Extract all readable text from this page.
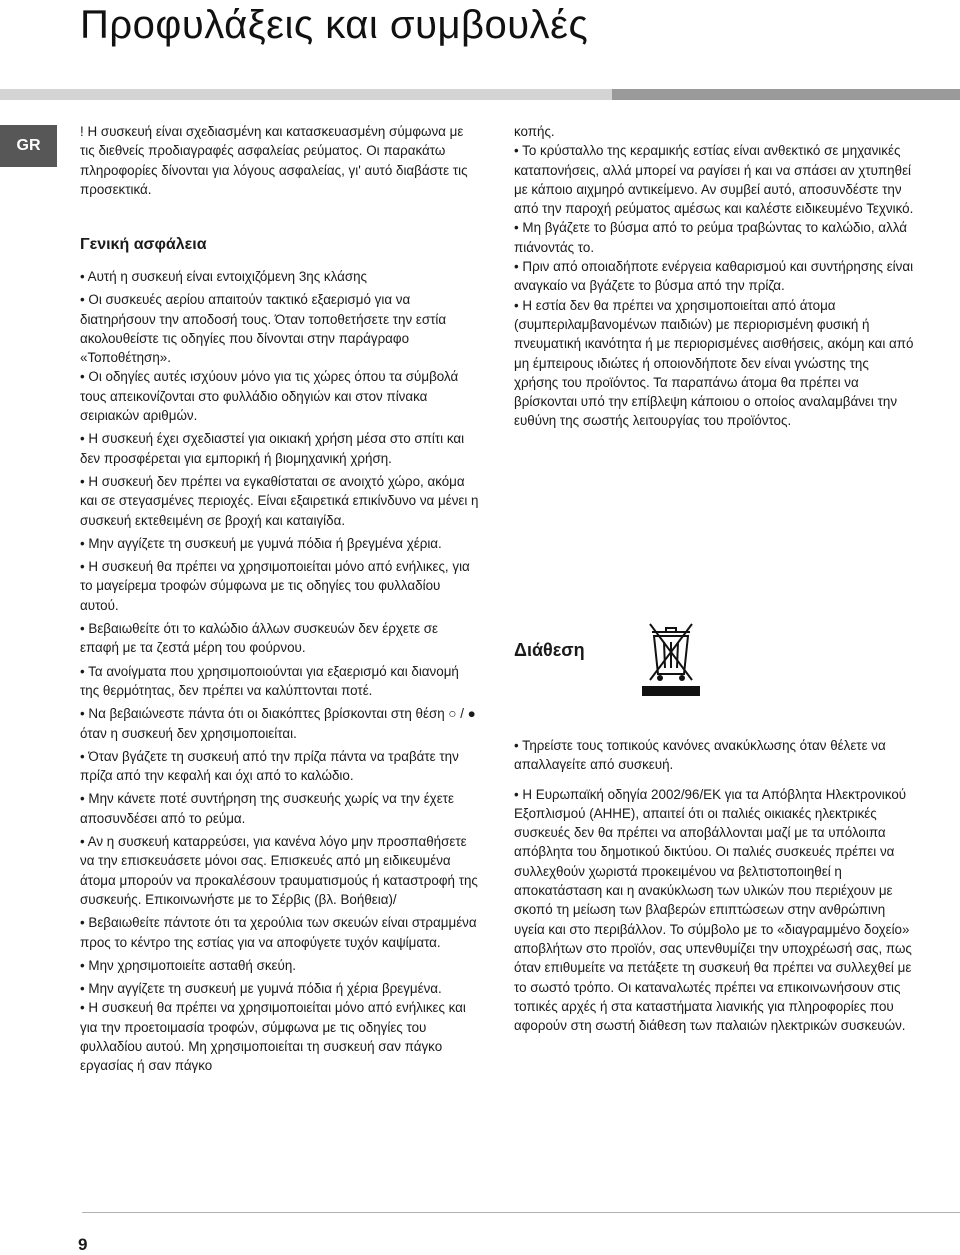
Προφυλάξεις και συμβουλές
GR

! Η συσκευή είναι σχεδιασμένη και κατασκευασμένη σύμφωνα με τις διεθνείς προδιαγραφές ασφαλείας ρεύματος. Οι παρακάτω πληροφορίες δίνονται για λόγους ασφαλείας, γι' αυτό διαβάστε τις προσεκτικά.

Γενική ασφάλεια

• Αυτή η συσκευή είναι εντοιχιζόμενη 3ης κλάσης

• Οι συσκευές αερίου απαιτούν τακτικό εξαερισμό για να διατηρήσουν την αποδοσή τους. Όταν τοποθετήσετε την εστία ακολουθείστε τις οδηγίες που δίνονται στην παράγραφο «Τοποθέτηση».

• Οι οδηγίες αυτές ισχύουν μόνο για τις χώρες όπου τα σύμβολά τους απεικονίζονται στο φυλλάδιο οδηγιών και στον πίνακα σειριακών αριθμών.

• Η συσκευή έχει σχεδιαστεί για οικιακή χρήση μέσα στο σπίτι και δεν προσφέρεται για εμπορική ή βιομηχανική χρήση.

• Η συσκευή δεν πρέπει να εγκαθίσταται σε ανοιχτό χώρο, ακόμα και σε στεγασμένες περιοχές. Είναι εξαιρετικά επικίνδυνο να μένει η συσκευή εκτεθειμένη σε βροχή και καταιγίδα.

• Μην αγγίζετε τη συσκευή με γυμνά πόδια ή βρεγμένα χέρια.

• Η συσκευή θα πρέπει να χρησιμοποιείται μόνο από ενήλικες, για το μαγείρεμα τροφών σύμφωνα με τις οδηγίες του φυλλαδίου αυτού.

• Βεβαιωθείτε ότι το καλώδιο άλλων συσκευών δεν έρχετε σε επαφή με τα ζεστά μέρη του φούρνου.

• Τα ανοίγματα που χρησιμοποιούνται για εξαερισμό και διανομή της θερμότητας, δεν πρέπει να καλύπτονται ποτέ.

• Να βεβαιώνεστε πάντα ότι οι διακόπτες βρίσκονται στη θέση ○ / ● όταν η συσκευή δεν χρησιμοποιείται.

• Όταν βγάζετε τη συσκευή από την πρίζα πάντα να τραβάτε την πρίζα από την κεφαλή και όχι από το καλώδιο.

• Μην κάνετε ποτέ συντήρηση της συσκευής χωρίς να την έχετε αποσυνδέσει από το ρεύμα.

• Αν η συσκευή καταρρεύσει, για κανένα λόγο μην προσπαθήσετε να την επισκευάσετε μόνοι σας. Επισκευές από μη ειδικευμένα άτομα μπορούν να προκαλέσουν τραυματισμούς ή καταστροφή της συσκευής. Επικοινωνήστε με το Σέρβις (βλ. Βοήθεια)/

• Βεβαιωθείτε πάντοτε ότι τα χερούλια των σκευών είναι στραμμένα προς το κέντρο της εστίας για να αποφύγετε τυχόν καψίματα.

• Μην χρησιμοποιείτε ασταθή σκεύη.

• Μην αγγίζετε τη συσκευή με γυμνά πόδια ή χέρια βρεγμένα.

• Η συσκευή θα πρέπει να χρησιμοποιείται μόνο από ενήλικες και για την προετοιμασία τροφών, σύμφωνα με τις οδηγίες του φυλλαδίου αυτού. Μη χρησιμοποιείται τη συσκευή σαν πάγκο εργασίας ή σαν πάγκο

κοπής.

• Το κρύσταλλο της κεραμικής εστίας είναι ανθεκτικό σε μηχανικές καταπονήσεις, αλλά μπορεί να ραγίσει ή και να σπάσει αν χτυπηθεί με κάποιο αιχμηρό αντικείμενο. Αν συμβεί αυτό, αποσυνδέστε την από την παροχή ρεύματος αμέσως και καλέστε ειδικευμένο Τεχνικό.

• Μη βγάζετε το βύσμα από το ρεύμα τραβώντας το καλώδιο, αλλά πιάνοντάς το.

• Πριν από οποιαδήποτε ενέργεια καθαρισμού και συντήρησης είναι αναγκαίο να βγάζετε το βύσμα από την πρίζα.

• Η εστία δεν θα πρέπει να χρησιμοποιείται από άτομα (συμπεριλαμβανομένων παιδιών) με περιορισμένη φυσική ή πνευματική ικανότητα ή με περιορισμένες αισθήσεις, ακόμη και από μη έμπειρους ιδιώτες ή οποιονδήποτε δεν είναι γνώστης της χρήσης του προϊόντος. Τα παραπάνω άτομα θα πρέπει να βρίσκονται υπό την επίβλεψη κάποιου ο οποίος αναλαμβάνει την ευθύνη της σωστής λειτουργίας του προϊόντος.

Διάθεση

• Τηρείστε τους τοπικούς κανόνες ανακύκλωσης όταν θέλετε να απαλλαγείτε από συσκευή.

• Η Ευρωπαϊκή οδηγία 2002/96/ΕΚ για τα Απόβλητα Ηλεκτρονικού Εξοπλισμού (ΑΗΗΕ), απαιτεί ότι οι παλιές οικιακές ηλεκτρικές συσκευές δεν θα πρέπει να αποβάλλονται μαζί με τα υπόλοιπα απόβλητα του δημοτικού δικτύου. Οι παλιές συσκευές πρέπει να συλλεχθούν χωριστά προκειμένου να βελτιστοποιηθεί η αποκατάσταση και η ανακύκλωση των υλικών που περιέχουν με σκοπό τη μείωση των βλαβερών επιπτώσεων στην ανθρώπινη υγεία και στο περιβάλλον. Το σύμβολο με το «διαγραμμένο δοχείο» αποβλήτων στο προϊόν, σας υπενθυμίζει την υποχρέωσή σας, πως όταν επιθυμείτε να πετάξετε τη συσκευή θα πρέπει να συλλεχθεί με το σωστό τρόπο. Οι καταναλωτές πρέπει να επικοινωνήσουν στις τοπικές αρχές ή στα καταστήματα λιανικής για πληροφορίες που αφορούν στη σωστή διάθεση των παλαιών ηλεκτρικών συσκευών.

9
